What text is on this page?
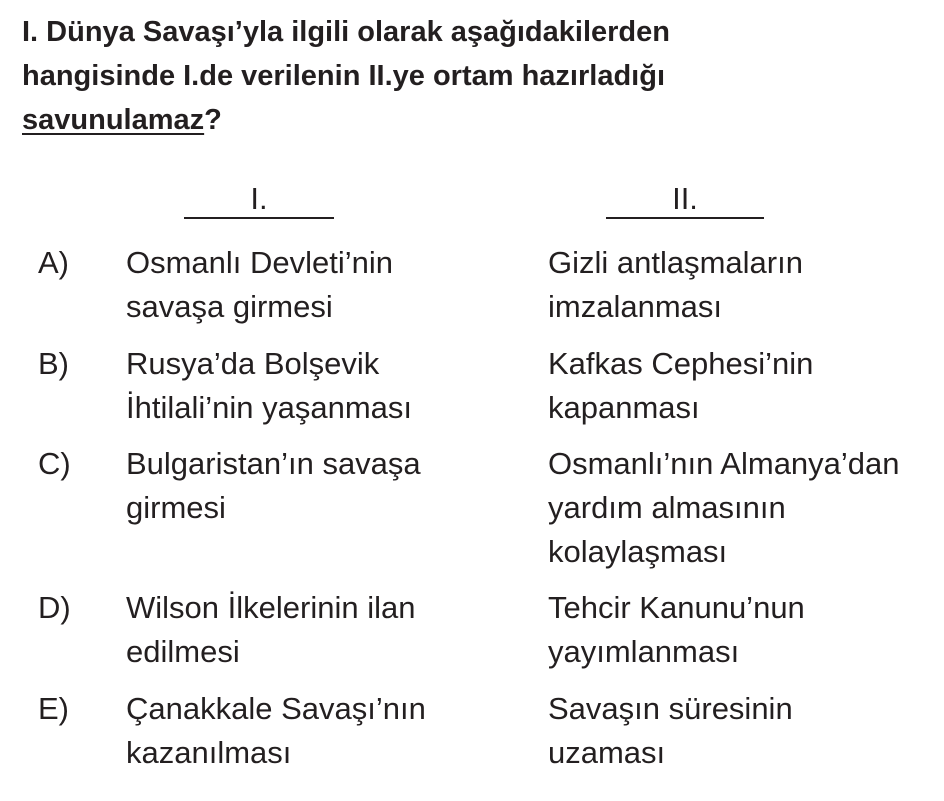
I. Dünya Savaşı’yla ilgili olarak aşağıdakilerden
hangisinde I.de verilenin II.ye ortam hazırladığı
savunulamaz?

I.	II.
A) Osmanlı Devleti’nin
savaşa girmesi
Gizli antlaşmaların
imzalanması
B) Rusya’da Bolşevik
İhtilali’nin yaşanması
Kafkas Cephesi’nin
kapanması
C) Bulgaristan’ın savaşa
girmesi
Osmanlı’nın Almanya’dan
yardım almasının
kolaylaşması
D) Wilson İlkelerinin ilan
edilmesi
Tehcir Kanunu’nun
yayımlanması
E) Çanakkale Savaşı’nın
kazanılması
Savaşın süresinin
uzaması
